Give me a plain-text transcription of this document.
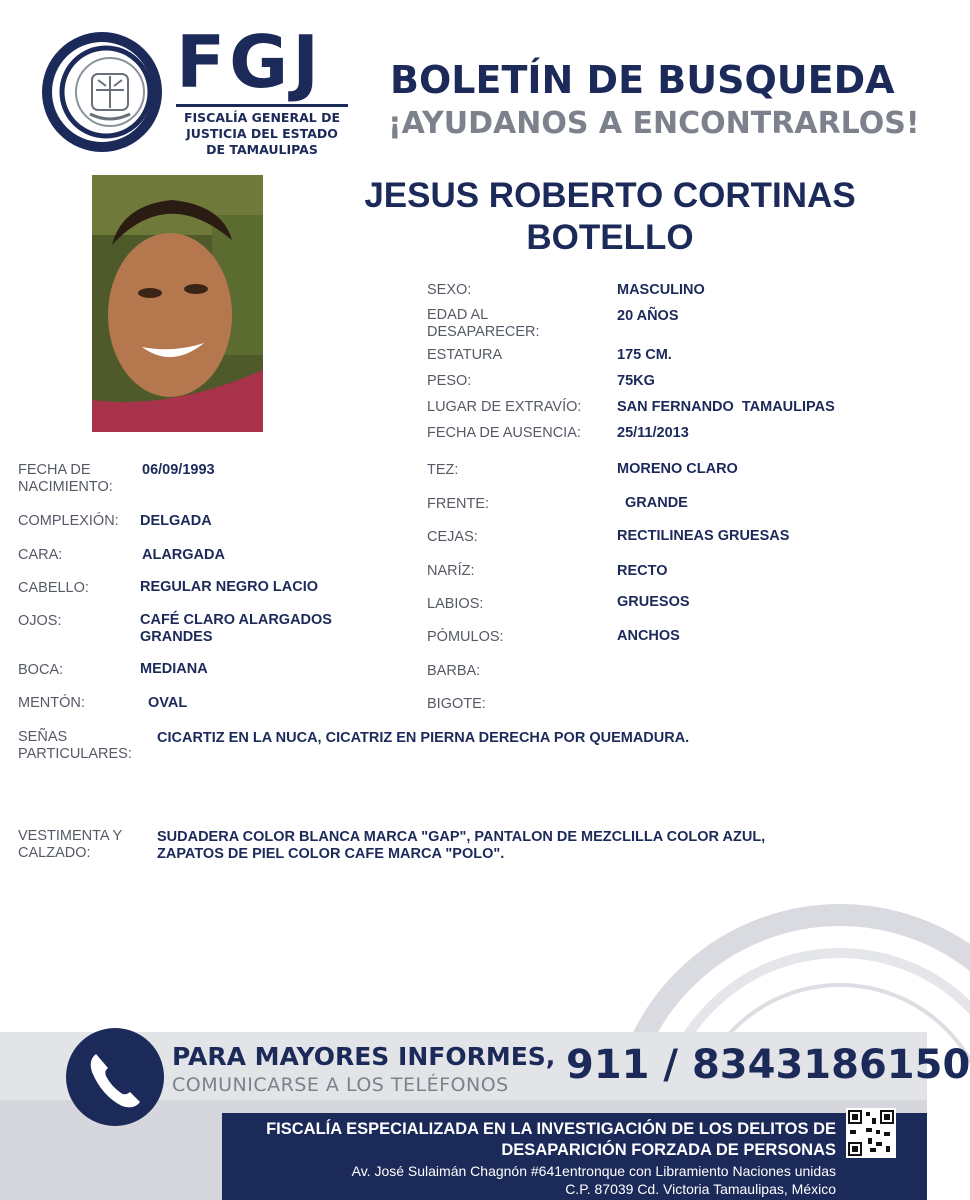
FGJ
FISCALÍA GENERAL DE
JUSTICIA DEL ESTADO
DE TAMAULIPAS
BOLETÍN DE BUSQUEDA
¡AYUDANOS A ENCONTRARLOS!
JESUS ROBERTO CORTINAS
BOTELLO
SEXO:	MASCULINO
EDAD AL DESAPARECER:
20 AÑOS
ESTATURA	175 CM.
PESO:	75KG
LUGAR DE EXTRAVÍO: SAN FERNANDO  TAMAULIPAS
FECHA DE AUSENCIA: 25/11/2013
FECHA DE NACIMIENTO:
06/09/1993
COMPLEXIÓN: DELGADA
CARA:	ALARGADA
CABELLO:	REGULAR NEGRO LACIO
OJOS:	CAFÉ CLARO ALARGADOS GRANDES
BOCA:	MEDIANA
MENTÓN:	OVAL
TEZ:	MORENO CLARO
FRENTE:	GRANDE
CEJAS:	RECTILINEAS GRUESAS
NARÍZ:	RECTO
LABIOS:	GRUESOS
PÓMULOS:	ANCHOS
BARBA:
BIGOTE:
SEÑAS
PARTICULARES:
CICARTIZ EN LA NUCA, CICATRIZ EN PIERNA DERECHA POR QUEMADURA.
VESTIMENTA Y
CALZADO:
SUDADERA COLOR BLANCA MARCA "GAP", PANTALON DE MEZCLILLA COLOR AZUL,
ZAPATOS DE PIEL COLOR CAFE MARCA "POLO".
PARA MAYORES INFORMES,
COMUNICARSE A LOS TELÉFONOS 911 / 8343186150
FISCALÍA ESPECIALIZADA EN LA INVESTIGACIÓN DE LOS DELITOS DE
DESAPARICIÓN FORZADA DE PERSONAS
Av. José Sulaimán Chagnón #641entronque con Libramiento Naciones unidas
C.P. 87039 Cd. Victoria Tamaulipas, México
